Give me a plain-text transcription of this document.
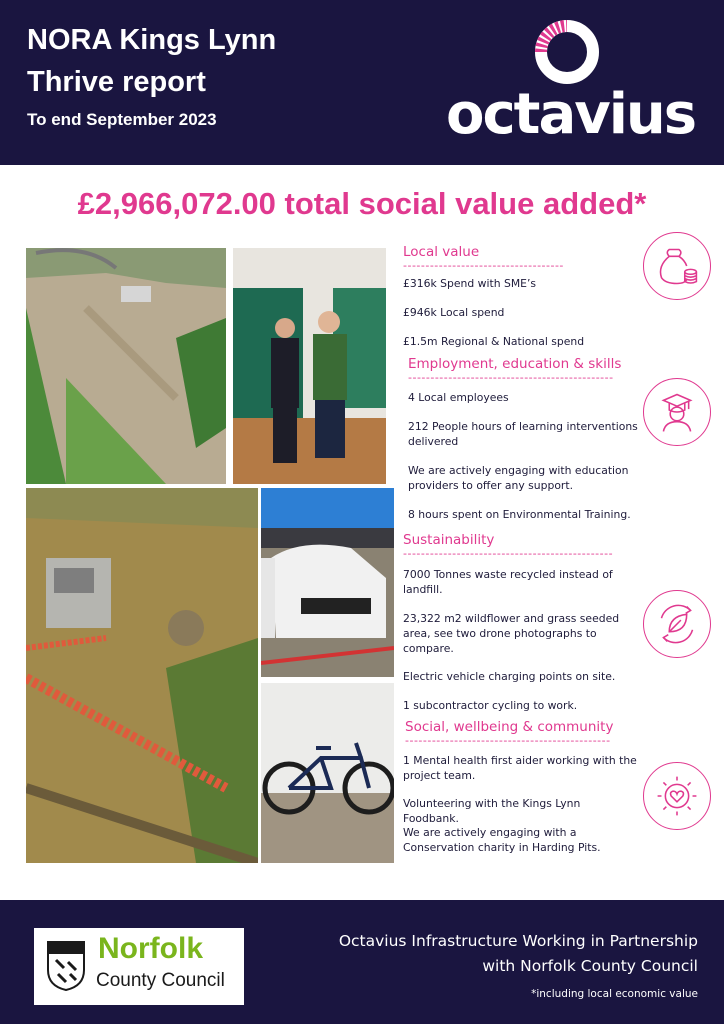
NORA Kings Lynn
Thrive report
To end September 2023	octavius
£2,966,072.00 total social value added*
Local value
------------------------------------
£316k Spend with SME’s
£946k Local spend
£1.5m Regional & National spend
Employment, education & skills
----------------------------------------------
4 Local employees
212 People hours of learning interventions delivered
We are actively engaging with education providers to offer any support.
8 hours spent on Environmental Training.
Sustainability
-----------------------------------------------
7000 Tonnes waste recycled instead of landfill.
23,322 m2 wildflower and grass seeded area, see two drone photographs to compare.
Electric vehicle charging points on site.
1 subcontractor cycling to work.
Social, wellbeing & community
----------------------------------------------
1 Mental health first aider working with the project team.
Volunteering with the Kings Lynn Foodbank.
We are actively engaging with a Conservation charity in Harding Pits.
Norfolk
County Council
Octavius Infrastructure Working in Partnership
with Norfolk County Council
*including local economic value
